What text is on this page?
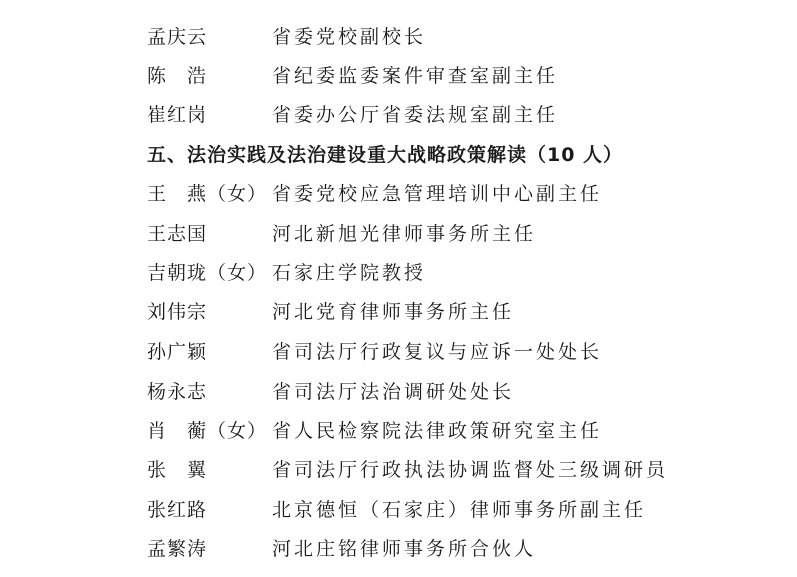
孟庆云	省委党校副校长
陈　浩	省纪委监委案件审查室副主任
崔红岗	省委办公厅省委法规室副主任
五、法治实践及法治建设重大战略政策解读（10 人）
王　燕（女） 省委党校应急管理培训中心副主任
王志国	河北新旭光律师事务所主任
吉朝珑（女） 石家庄学院教授
刘伟宗	河北党育律师事务所主任
孙广颖	省司法厅行政复议与应诉一处处长
杨永志	省司法厅法治调研处处长
肖　蘅（女） 省人民检察院法律政策研究室主任
张　翼	省司法厅行政执法协调监督处三级调研员
张红路	北京德恒（石家庄）律师事务所副主任
孟繁涛	河北庄铭律师事务所合伙人
